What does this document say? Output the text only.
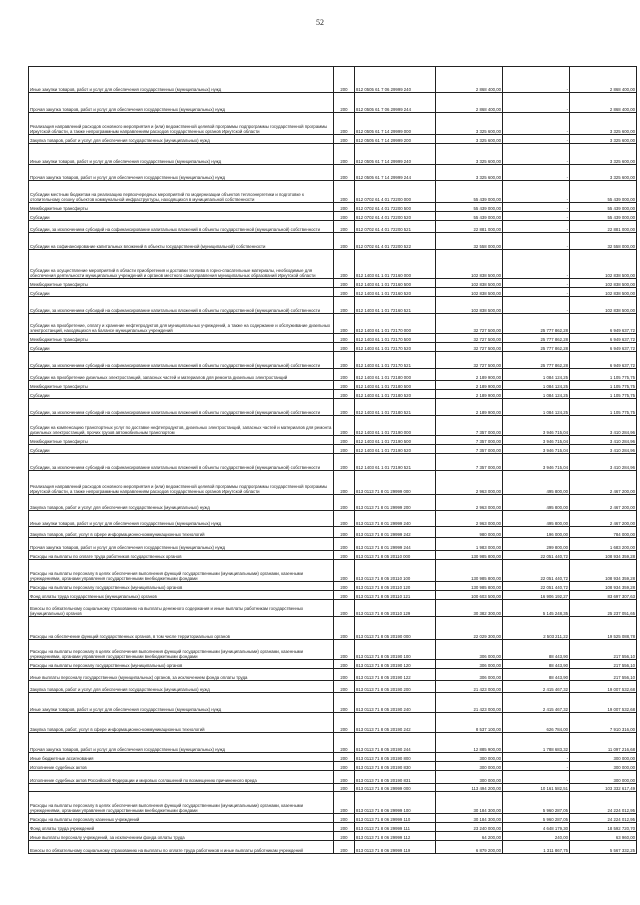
52
Иные закупки товаров, работ и услуг для обеспечения государственных (муниципальных) нужд	200	812 0505 61 7 06 29999 240	2 868 400,00	-	2 868 400,00
Прочая закупка товаров, работ и услуг для обеспечения государственных (муниципальных) нужд	200	812 0505 61 7 06 29999 244	2 868 400,00	-	2 868 400,00
Реализация направлений расходов основного мероприятия и (или) ведомственной целевой программы подпрограммы государственной программы Иркутской области, а также непрограммным направлениям расходов государственных органов Иркутской области	200	812 0505 61 7 14 29999 000	3 325 600,00	-	3 325 600,00
Закупка товаров, работ и услуг для обеспечения государственных (муниципальных) нужд	200	812 0505 61 7 14 29999 200	3 325 600,00	-	3 325 600,00
Иные закупки товаров, работ и услуг для обеспечения государственных (муниципальных) нужд	200	812 0505 61 7 14 29999 240	3 325 600,00	-	3 325 600,00
Прочая закупка товаров, работ и услуг для обеспечения государственных (муниципальных) нужд	200	812 0505 61 7 14 29999 244	3 325 600,00	-	3 325 600,00
Субсидии местным бюджетам на реализацию первоочередных мероприятий по модернизации объектов теплоэнергетики и подготовке к отопительному сезону объектов коммунальной инфраструктуры, находящихся в муниципальной собственности	200	812 0702 61 4 01 72200 000	55 439 000,00	-	55 439 000,00
Межбюджетные трансферты	200	812 0702 61 4 01 72200 500	55 439 000,00	-	55 439 000,00
Субсидии	200	812 0702 61 4 01 72200 520	55 439 000,00	-	55 439 000,00
Субсидии, за исключением субсидий на софинансирование капитальных вложений в объекты государственной (муниципальной) собственности	200	812 0702 61 4 01 72200 521	22 881 000,00	-	22 881 000,00
Субсидии на софинансирование капитальных вложений в объекты государственной (муниципальной) собственности	200	812 0702 61 4 01 72200 522	32 558 000,00	-	32 558 000,00
Субсидии на осуществление мероприятий в области приобретения и доставки топлива в горно-спасательные материалы, необходимые для обеспечения деятельности муниципальных учреждений и органов местного самоуправления муниципальных образований Иркутской области	200	812 1403 61 1 01 72160 000	102 838 500,00	-	102 838 500,00
Межбюджетные трансферты	200	812 1403 61 1 01 72160 500	102 838 500,00	-	102 838 500,00
Субсидии	200	812 1403 61 1 01 72160 520	102 838 500,00	-	102 838 500,00
Субсидии, за исключением субсидий на софинансирование капитальных вложений в объекты государственной (муниципальной) собственности	200	812 1403 61 1 01 72160 521	102 838 500,00	-	102 838 500,00
Субсидии на приобретение, оплату и хранение нефтепродуктов для муниципальных учреждений, а также на содержание и обслуживание дизельных электростанций, находящихся на балансе муниципальных учреждений	200	812 1403 61 1 01 72170 000	32 727 500,00	25 777 862,28	6 949 637,72
Межбюджетные трансферты	200	812 1403 61 1 01 72170 500	32 727 500,00	25 777 862,28	6 949 637,72
Субсидии	200	812 1403 61 1 01 72170 520	32 727 500,00	25 777 862,28	6 949 637,72
Субсидии, за исключением субсидий на софинансирование капитальных вложений в объекты государственной (муниципальной) собственности	200	812 1403 61 1 01 72170 521	32 727 500,00	25 777 862,28	6 949 637,72
Субсидии на приобретение дизельных электростанций, запасных частей и материалов для ремонта дизельных электростанций	200	812 1403 61 1 01 72180 000	2 189 900,00	1 084 124,25	1 105 775,75
Межбюджетные трансферты	200	812 1403 61 1 01 72180 500	2 189 900,00	1 084 124,25	1 105 775,75
Субсидии	200	812 1403 61 1 01 72180 520	2 189 900,00	1 084 124,25	1 105 775,75
Субсидии, за исключением субсидий на софинансирование капитальных вложений в объекты государственной (муниципальной) собственности	200	812 1403 61 1 01 72180 521	2 189 900,00	1 084 124,25	1 105 775,75
Субсидии на компенсацию транспортных услуг по доставке нефтепродуктов, дизельных электростанций, запасных частей и материалов для ремонта дизельных электростанций, прочих грузов автомобильным транспортом	200	812 1403 61 1 01 72190 000	7 357 000,00	3 946 715,04	3 410 284,96
Межбюджетные трансферты	200	812 1403 61 1 01 72190 500	7 357 000,00	3 946 715,04	3 410 284,96
Субсидии	200	812 1403 61 1 01 72190 520	7 357 000,00	3 946 715,04	3 410 284,96
Субсидии, за исключением субсидий на софинансирование капитальных вложений в объекты государственной (муниципальной) собственности	200	812 1403 61 1 01 72190 521	7 357 000,00	3 946 715,04	3 410 284,96
Реализация направлений расходов основного мероприятия и (или) ведомственной целевой программы подпрограммы государственной программы Иркутской области, а также непрограммным направлениям расходов государственных органов Иркутской области	200	813 0113 71 8 01 29999 000	2 963 000,00	495 800,00	2 467 200,00
Закупка товаров, работ и услуг для обеспечения государственных (муниципальных) нужд	200	813 0113 71 8 01 29999 200	2 963 000,00	495 800,00	2 467 200,00
Иные закупки товаров, работ и услуг для обеспечения государственных (муниципальных) нужд	200	813 0113 71 8 01 29999 240	2 963 000,00	495 800,00	2 467 200,00
Закупка товаров, работ, услуг в сфере информационно-коммуникационных технологий	200	813 0113 71 8 01 29999 242	980 000,00	196 000,00	784 000,00
Прочая закупка товаров, работ и услуг для обеспечения государственных (муниципальных) нужд	200	813 0113 71 8 01 29999 244	1 983 000,00	299 800,00	1 683 200,00
Расходы на выплаты по оплате труда работников государственных органов	200	813 0113 71 8 05 20110 000	130 985 800,00	22 051 440,72	108 934 359,28
Расходы на выплаты персоналу в целях обеспечения выполнения функций государственными (муниципальными) органами, казенными учреждениями, органами управления государственными внебюджетными фондами	200	813 0113 71 8 05 20110 100	130 985 800,00	22 051 440,72	108 934 359,28
Расходы на выплаты персоналу государственных (муниципальных) органов	200	813 0113 71 8 05 20110 120	130 985 800,00	22 051 440,72	108 934 359,28
Фонд оплаты труда государственных (муниципальных) органов	200	813 0113 71 8 05 20110 121	100 603 500,00	16 906 192,27	83 697 307,63
Взносы по обязательному социальному страхованию на выплаты денежного содержания и иные выплаты работникам государственных (муниципальных) органов	200	813 0113 71 8 05 20110 129	30 382 300,00	5 145 248,35	25 237 051,65
Расходы на обеспечение функций государственных органов, в том числе территориальных органов	200	813 0113 71 8 05 20190 000	22 029 300,00	2 503 211,22	19 525 088,78
Расходы на выплаты персоналу в целях обеспечения выполнения функций государственными (муниципальными) органами, казенными учреждениями, органами управления государственными внебюджетными фондами	200	813 0113 71 8 05 20190 100	306 000,00	88 443,90	217 556,10
Расходы на выплаты персоналу государственных (муниципальных) органов	200	813 0113 71 8 05 20190 120	306 000,00	88 443,90	217 556,10
Иные выплаты персоналу государственных (муниципальных) органов, за исключением фонда оплаты труда	200	813 0113 71 8 05 20190 122	306 000,00	88 443,90	217 556,10
Закупка товаров, работ и услуг для обеспечения государственных (муниципальных) нужд	200	813 0113 71 8 05 20190 200	21 423 000,00	2 415 467,32	19 007 532,68
Иные закупки товаров, работ и услуг для обеспечения государственных (муниципальных) нужд	200	813 0113 71 8 05 20190 240	21 423 000,00	2 415 467,32	19 007 532,68
Закупка товаров, работ, услуг в сфере информационно-коммуникационных технологий	200	813 0113 71 8 05 20190 242	8 537 100,00	626 784,00	7 910 316,00
Прочая закупка товаров, работ и услуг для обеспечения государственных (муниципальных) нужд	200	813 0113 71 8 05 20190 244	12 885 900,00	1 788 683,32	11 097 216,68
Иные бюджетные ассигнования	200	813 0113 71 8 05 20190 800	300 000,00	-	300 000,00
Исполнение судебных актов	200	813 0113 71 8 05 20190 830	300 000,00	-	300 000,00
Исполнение судебных актов Российской Федерации и мировых соглашений по возмещению причиненного вреда	200	813 0113 71 8 05 20190 831	300 000,00	-	300 000,00
	200	813 0113 71 8 06 29999 000	113 494 200,00	10 161 582,51	103 332 617,49
Расходы на выплаты персоналу в целях обеспечения выполнения функций государственными (муниципальными) органами, казенными учреждениями, органами управления государственными внебюджетными фондами	200	813 0113 71 8 06 29999 100	30 184 300,00	5 960 287,05	24 224 012,95
Расходы на выплаты персоналу казенных учреждений	200	813 0113 71 8 06 29999 110	30 184 300,00	5 960 287,05	24 224 012,95
Фонд оплаты труда учреждений	200	813 0113 71 8 06 29999 111	23 240 000,00	4 648 179,30	18 592 720,70
Иные выплаты персоналу учреждений, за исключением фонда оплаты труда	200	813 0113 71 8 06 29999 112	64 200,00	240,00	63 960,00
Взносы по обязательному социальному страхованию на выплаты по оплате труда работников и иные выплаты работникам учреждений	200	813 0113 71 8 06 29999 119	6 879 200,00	1 311 867,75	5 567 332,25
